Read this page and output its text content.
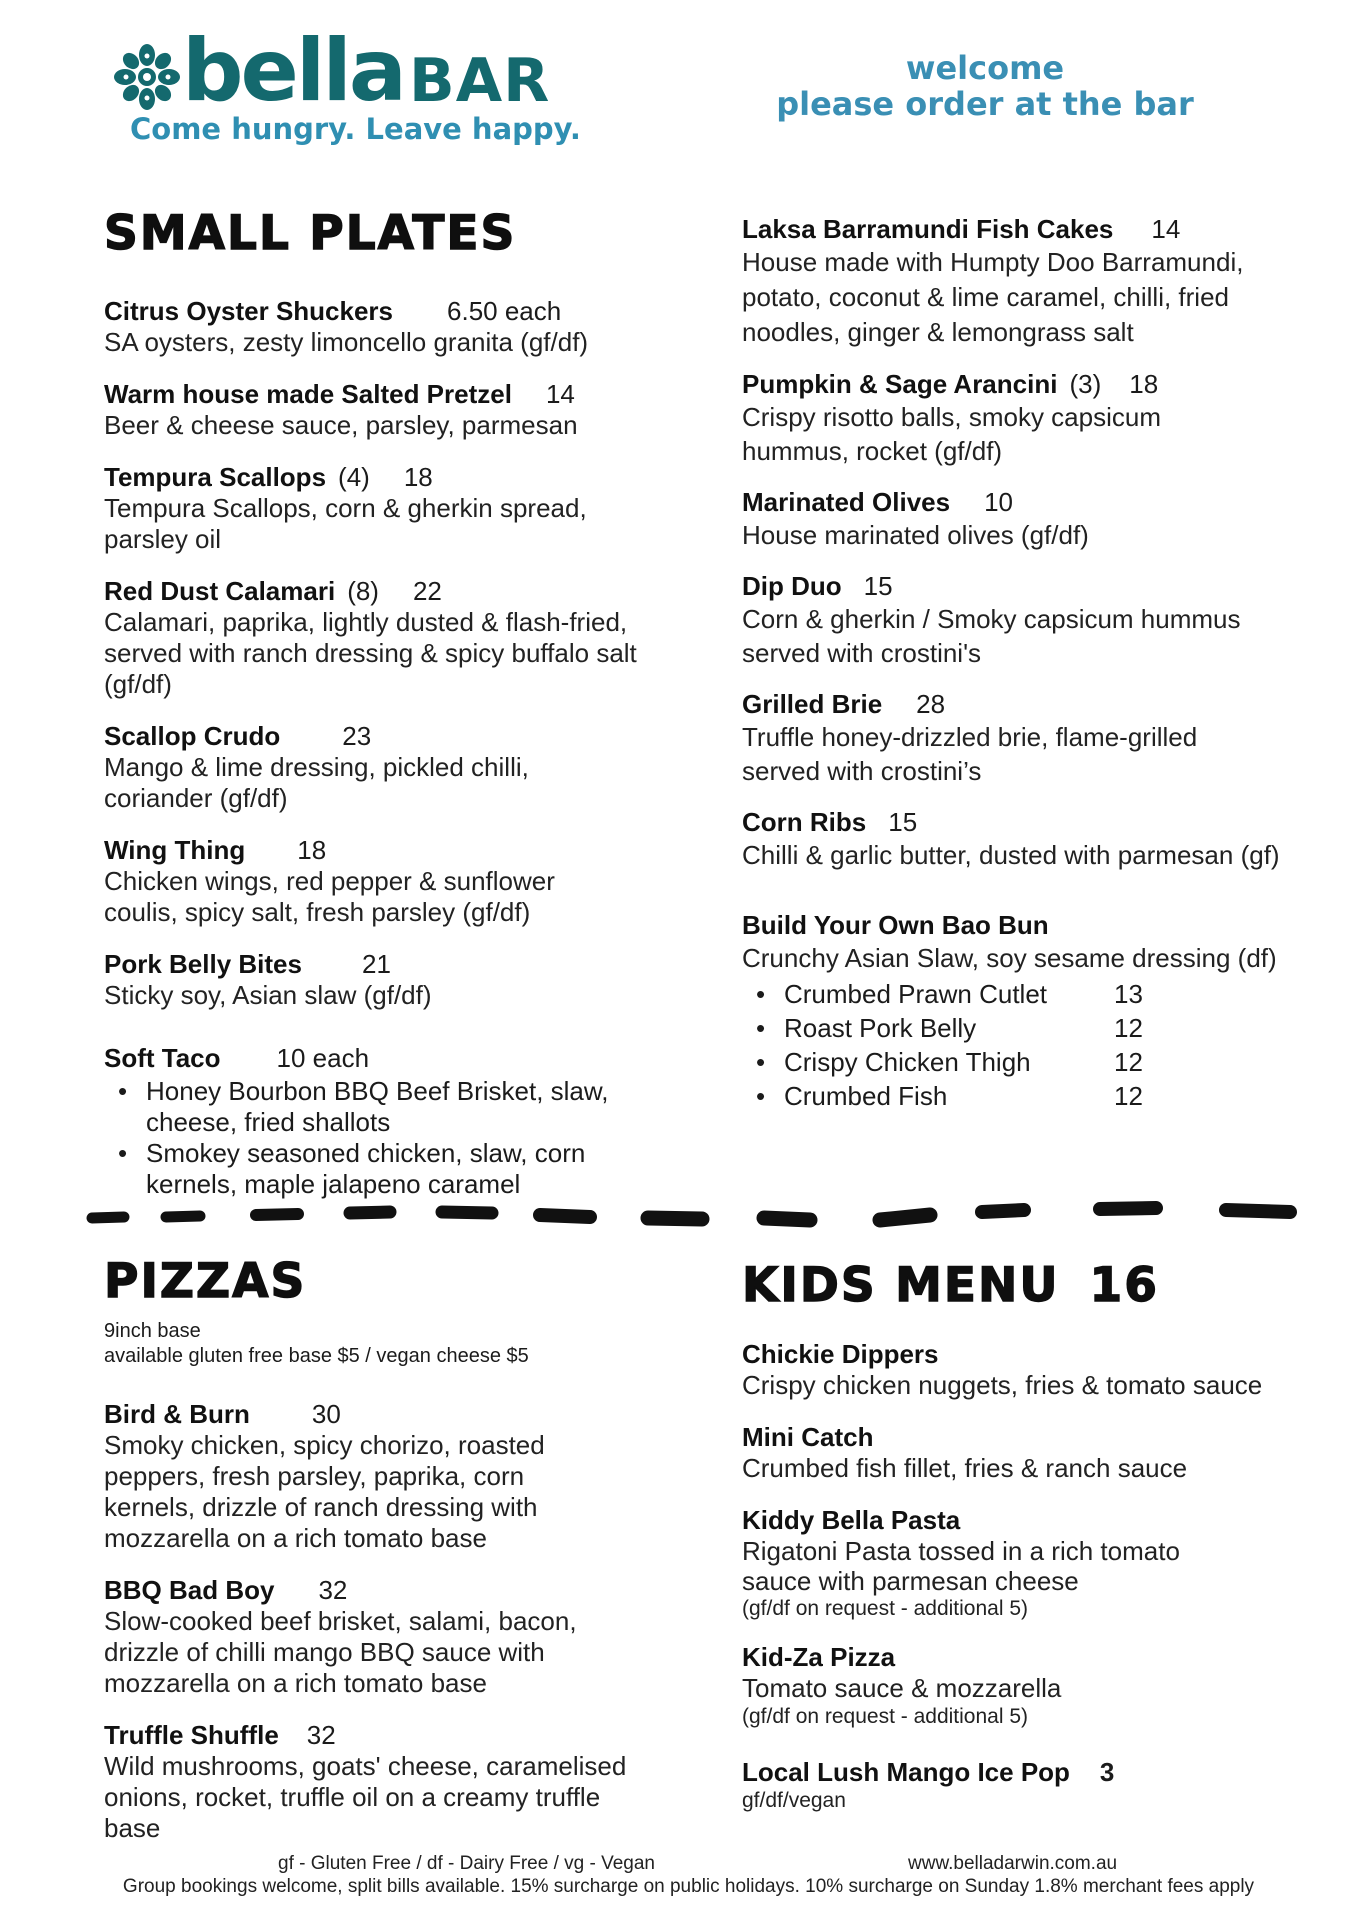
bella BAR
Come hungry. Leave happy.
welcome
please order at the bar
SMALL PLATES
Citrus Oyster Shuckers 6.50 each
SA oysters, zesty limoncello granita (gf/df)
Warm house made Salted Pretzel 14
Beer & cheese sauce, parsley, parmesan
Tempura Scallops (4) 18
Tempura Scallops, corn & gherkin spread, parsley oil
Red Dust Calamari (8) 22
Calamari, paprika, lightly dusted & flash-fried, served with ranch dressing & spicy buffalo salt (gf/df)
Scallop Crudo 23
Mango & lime dressing, pickled chilli, coriander (gf/df)
Wing Thing 18
Chicken wings, red pepper & sunflower coulis, spicy salt, fresh parsley (gf/df)
Pork Belly Bites 21
Sticky soy, Asian slaw (gf/df)
Soft Taco 10 each
• Honey Bourbon BBQ Beef Brisket, slaw, cheese, fried shallots
• Smokey seasoned chicken, slaw, corn kernels, maple jalapeno caramel
Laksa Barramundi Fish Cakes 14
House made with Humpty Doo Barramundi, potato, coconut & lime caramel, chilli, fried noodles, ginger & lemongrass salt
Pumpkin & Sage Arancini (3) 18
Crispy risotto balls, smoky capsicum hummus, rocket (gf/df)
Marinated Olives 10
House marinated olives (gf/df)
Dip Duo 15
Corn & gherkin / Smoky capsicum hummus served with crostini's
Grilled Brie 28
Truffle honey-drizzled brie, flame-grilled served with crostini’s
Corn Ribs 15
Chilli & garlic butter, dusted with parmesan (gf)
Build Your Own Bao Bun
Crunchy Asian Slaw, soy sesame dressing (df)
• Crumbed Prawn Cutlet	13
• Roast Pork Belly	12
• Crispy Chicken Thigh	12
• Crumbed Fish	12
PIZZAS
9inch base
available gluten free base $5 / vegan cheese $5
Bird & Burn 30
Smoky chicken, spicy chorizo, roasted peppers, fresh parsley, paprika, corn kernels, drizzle of ranch dressing with mozzarella on a rich tomato base
BBQ Bad Boy 32
Slow-cooked beef brisket, salami, bacon, drizzle of chilli mango BBQ sauce with mozzarella on a rich tomato base
Truffle Shuffle 32
Wild mushrooms, goats' cheese, caramelised onions, rocket, truffle oil on a creamy truffle base
KIDS MENU 16
Chickie Dippers
Crispy chicken nuggets, fries & tomato sauce
Mini Catch
Crumbed fish fillet, fries & ranch sauce
Kiddy Bella Pasta
Rigatoni Pasta tossed in a rich tomato sauce with parmesan cheese
(gf/df on request - additional 5)
Kid-Za Pizza
Tomato sauce & mozzarella
(gf/df on request - additional 5)
Local Lush Mango Ice Pop 3
gf/df/vegan
gf - Gluten Free / df - Dairy Free / vg - Vegan	www.belladarwin.com.au
Group bookings welcome, split bills available. 15% surcharge on public holidays. 10% surcharge on Sunday 1.8% merchant fees apply
